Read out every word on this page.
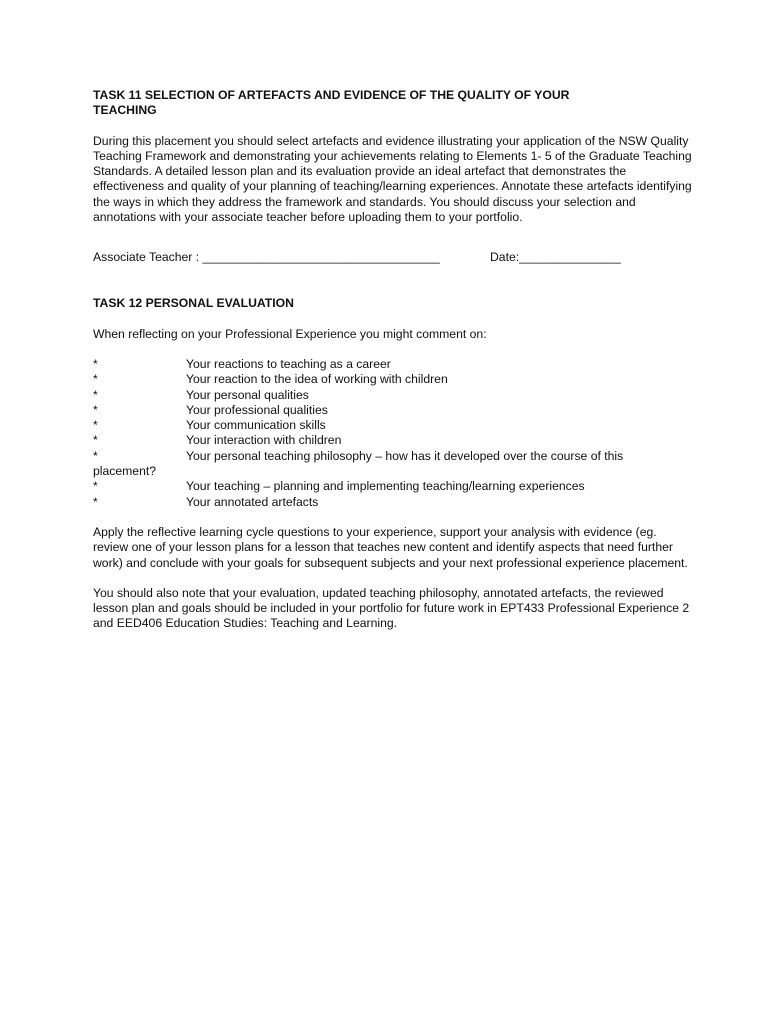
TASK 11 SELECTION OF ARTEFACTS AND EVIDENCE OF THE QUALITY OF YOUR
TEACHING

During this placement you should select artefacts and evidence illustrating your application of the NSW Quality Teaching Framework and demonstrating your achievements relating to Elements 1- 5 of the Graduate Teaching Standards. A detailed lesson plan and its evaluation provide an ideal artefact that demonstrates the effectiveness and quality of your planning of teaching/learning experiences. Annotate these artefacts identifying the ways in which they address the framework and standards. You should discuss your selection and annotations with your associate teacher before uploading them to your portfolio.

Associate Teacher : ___________________________________	Date:_______________

TASK 12 PERSONAL EVALUATION

When reflecting on your Professional Experience you might comment on:

*	Your reactions to teaching as a career
*	Your reaction to the idea of working with children
*	Your personal qualities
*	Your professional qualities
*	Your communication skills
*	Your interaction with children
*	Your personal teaching philosophy – how has it developed over the course of this
placement?
*	Your teaching – planning and implementing teaching/learning experiences
*	Your annotated artefacts

Apply the reflective learning cycle questions to your experience, support your analysis with evidence (eg. review one of your lesson plans for a lesson that teaches new content and identify aspects that need further work) and conclude with your goals for subsequent subjects and your next professional experience placement.

You should also note that your evaluation, updated teaching philosophy, annotated artefacts, the reviewed lesson plan and goals should be included in your portfolio for future work in EPT433 Professional Experience 2 and EED406 Education Studies: Teaching and Learning.
